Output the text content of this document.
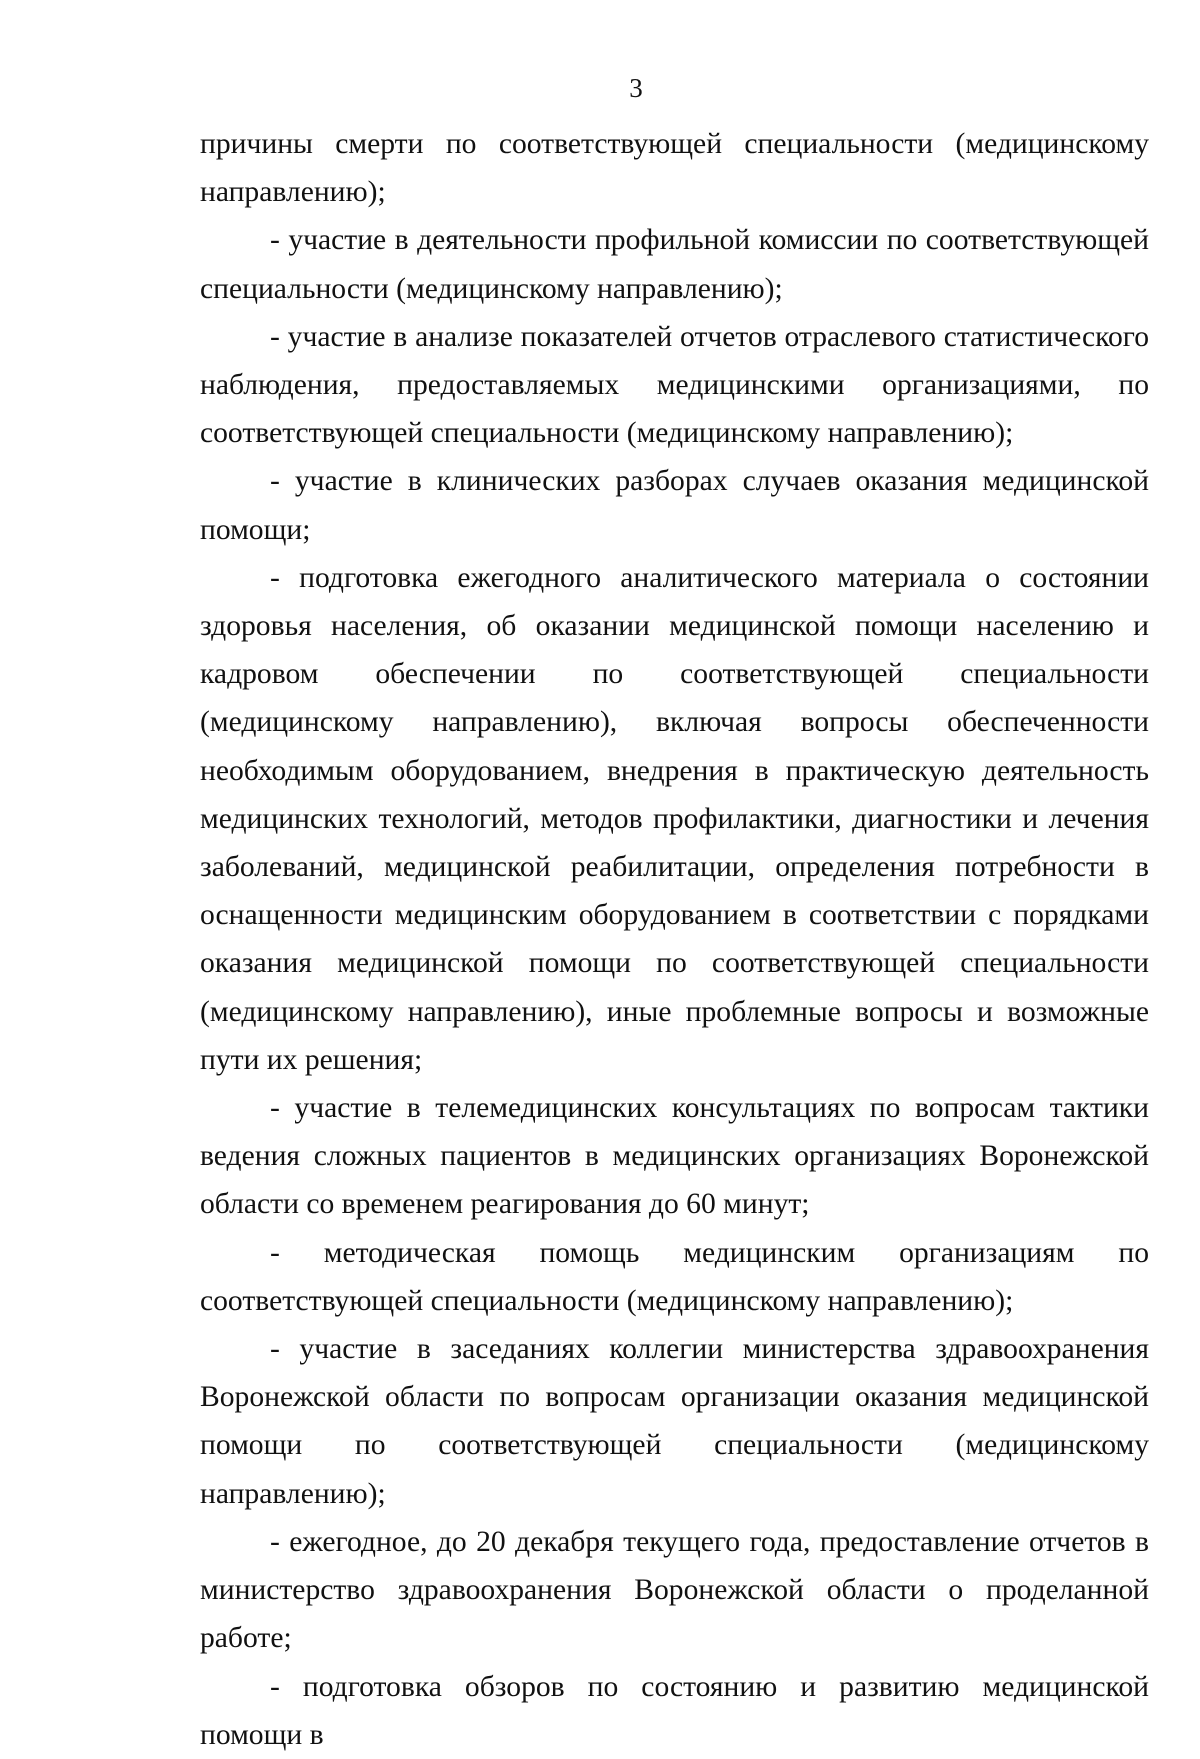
3

причины смерти по соответствующей специальности (медицинскому направлению);

- участие в деятельности профильной комиссии по соответствующей специальности (медицинскому направлению);

- участие в анализе показателей отчетов отраслевого статистического наблюдения, предоставляемых медицинскими организациями, по соответствующей специальности (медицинскому направлению);

- участие в клинических разборах случаев оказания медицинской помощи;

- подготовка ежегодного аналитического материала о состоянии здоровья населения, об оказании медицинской помощи населению и кадровом обеспечении по соответствующей специальности (медицинскому направлению), включая вопросы обеспеченности необходимым оборудованием, внедрения в практическую деятельность медицинских технологий, методов профилактики, диагностики и лечения заболеваний, медицинской реабилитации, определения потребности в оснащенности медицинским оборудованием в соответствии с порядками оказания медицинской помощи по соответствующей специальности (медицинскому направлению), иные проблемные вопросы и возможные пути их решения;

- участие в телемедицинских консультациях по вопросам тактики ведения сложных пациентов в медицинских организациях Воронежской области со временем реагирования до 60 минут;

- методическая помощь медицинским организациям по соответствующей специальности (медицинскому направлению);

- участие в заседаниях коллегии министерства здравоохранения Воронежской области по вопросам организации оказания медицинской помощи по соответствующей специальности (медицинскому направлению);

- ежегодное, до 20 декабря текущего года, предоставление отчетов в министерство здравоохранения Воронежской области о проделанной работе;

- подготовка обзоров по состоянию и развитию медицинской помощи в
